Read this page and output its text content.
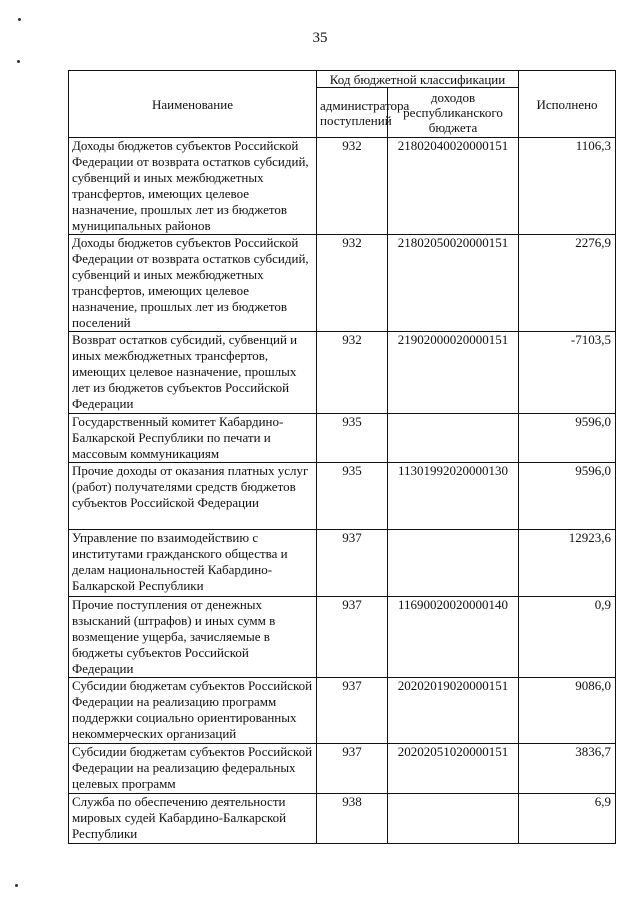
35
Наименование	Код бюджетной классификации		Исполнено
	администратора поступлений	доходов республиканского бюджета	
Доходы бюджетов субъектов Российской Федерации от возврата остатков субсидий, субвенций и иных межбюджетных трансфертов, имеющих целевое назначение, прошлых лет из бюджетов муниципальных районов	932	21802040020000151	1106,3
Доходы бюджетов субъектов Российской Федерации от возврата остатков субсидий, субвенций и иных межбюджетных трансфертов, имеющих целевое назначение, прошлых лет из бюджетов поселений	932	21802050020000151	2276,9
Возврат остатков субсидий, субвенций и иных межбюджетных трансфертов, имеющих целевое назначение, прошлых лет из бюджетов субъектов Российской Федерации	932	21902000020000151	-7103,5
Государственный комитет Кабардино-Балкарской Республики по печати и массовым коммуникациям	935		9596,0
Прочие доходы от оказания платных услуг (работ) получателями средств бюджетов субъектов Российской Федерации	935	11301992020000130	9596,0
Управление по взаимодействию с институтами гражданского общества и делам национальностей Кабардино-Балкарской Республики	937		12923,6
Прочие поступления от денежных взысканий (штрафов) и иных сумм в возмещение ущерба, зачисляемые в бюджеты субъектов Российской Федерации	937	11690020020000140	0,9
Субсидии бюджетам субъектов Российской Федерации на реализацию программ поддержки социально ориентированных некоммерческих организаций	937	20202019020000151	9086,0
Субсидии бюджетам субъектов Российской Федерации на реализацию федеральных целевых программ	937	20202051020000151	3836,7
Служба по обеспечению деятельности мировых судей Кабардино-Балкарской Республики	938		6,9
